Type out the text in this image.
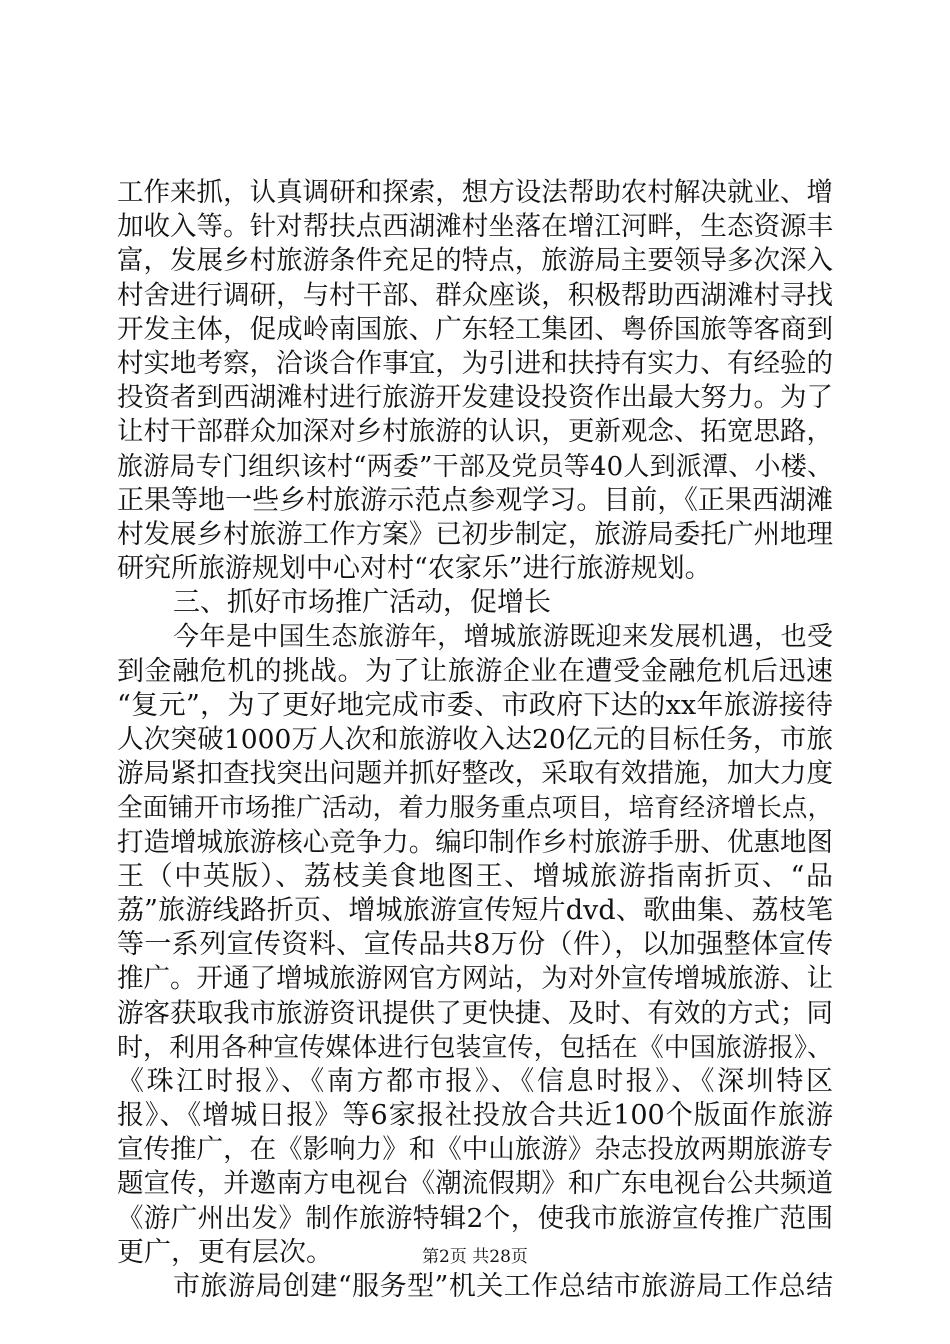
工作来抓，认真调研和探索，想方设法帮助农村解决就业、增
加收入等。针对帮扶点西湖滩村坐落在增江河畔，生态资源丰
富，发展乡村旅游条件充足的特点，旅游局主要领导多次深入
村舍进行调研，与村干部、群众座谈，积极帮助西湖滩村寻找
开发主体，促成岭南国旅、广东轻工集团、粤侨国旅等客商到
村实地考察，洽谈合作事宜，为引进和扶持有实力、有经验的
投资者到西湖滩村进行旅游开发建设投资作出最大努力。为了
让村干部群众加深对乡村旅游的认识，更新观念、拓宽思路，
旅游局专门组织该村“两委”干部及党员等40人到派潭、小楼、
正果等地一些乡村旅游示范点参观学习。目前，《正果西湖滩
村发展乡村旅游工作方案》已初步制定，旅游局委托广州地理
研究所旅游规划中心对村“农家乐”进行旅游规划。
三、抓好市场推广活动，促增长
今年是中国生态旅游年，增城旅游既迎来发展机遇，也受
到金融危机的挑战。为了让旅游企业在遭受金融危机后迅速
“复元”，为了更好地完成市委、市政府下达的xx年旅游接待
人次突破1000万人次和旅游收入达20亿元的目标任务，市旅
游局紧扣查找突出问题并抓好整改，采取有效措施，加大力度
全面铺开市场推广活动，着力服务重点项目，培育经济增长点，
打造增城旅游核心竞争力。编印制作乡村旅游手册、优惠地图
王（中英版）、荔枝美食地图王、增城旅游指南折页、“品
荔”旅游线路折页、增城旅游宣传短片dvd、歌曲集、荔枝笔
等一系列宣传资料、宣传品共8万份（件），以加强整体宣传
推广。开通了增城旅游网官方网站，为对外宣传增城旅游、让
游客获取我市旅游资讯提供了更快捷、及时、有效的方式；同
时，利用各种宣传媒体进行包装宣传，包括在《中国旅游报》、
《珠江时报》、《南方都市报》、《信息时报》、《深圳特区
报》、《增城日报》等6家报社投放合共近100个版面作旅游
宣传推广，在《影响力》和《中山旅游》杂志投放两期旅游专
题宣传，并邀南方电视台《潮流假期》和广东电视台公共频道
《游广州出发》制作旅游特辑2个，使我市旅游宣传推广范围
更广，更有层次。
市旅游局创建“服务型”机关工作总结市旅游局工作总结
第2页 共28页
